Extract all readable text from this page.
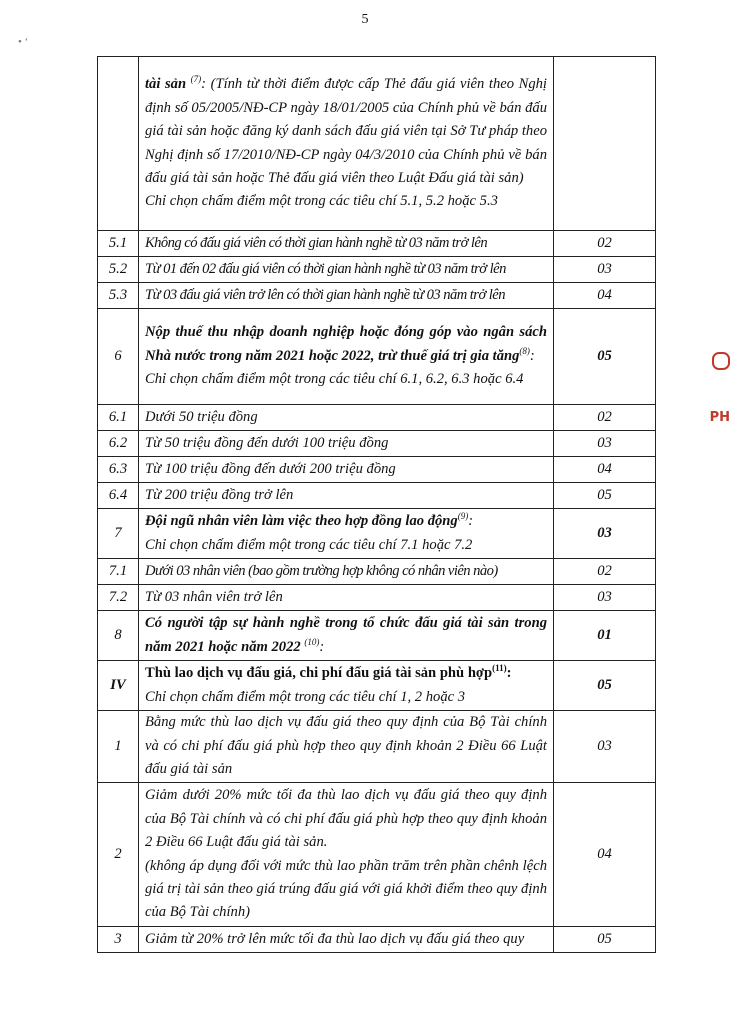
5
• ‘
PH
	tài sản $^{(7)}$: (Tính từ thời điểm được cấp Thẻ đấu giá viên theo Nghị định số 05/2005/NĐ-CP ngày 18/01/2005 của Chính phủ về bán đấu giá tài sản hoặc đăng ký danh sách đấu giá viên tại Sở Tư pháp theo Nghị định số 17/2010/NĐ-CP ngày 04/3/2010 của Chính phủ về bán đấu giá tài sản hoặc Thẻ đấu giá viên theo Luật Đấu giá tài sản)
Chỉ chọn chấm điểm một trong các tiêu chí 5.1, 5.2 hoặc 5.3	

5.1	Không có đấu giá viên có thời gian hành nghề từ 03 năm trở lên	02
5.2	Từ 01 đến 02 đấu giá viên có thời gian hành nghề từ 03 năm trở lên	03
5.3	Từ 03 đấu giá viên trở lên có thời gian hành nghề từ 03 năm trở lên	04
6	Nộp thuế thu nhập doanh nghiệp hoặc đóng góp vào ngân sách Nhà nước trong năm 2021 hoặc 2022, trừ thuế giá trị gia tăng$^{(8)}$:
Chỉ chọn chấm điểm một trong các tiêu chí 6.1, 6.2, 6.3 hoặc 6.4	05
6.1	Dưới 50 triệu đồng	02
6.2	Từ 50 triệu đồng đến dưới 100 triệu đồng	03
6.3	Từ 100 triệu đồng đến dưới 200 triệu đồng	04
6.4	Từ 200 triệu đồng trở lên	05
7	Đội ngũ nhân viên làm việc theo hợp đồng lao động$^{(9)}$:
Chỉ chọn chấm điểm một trong các tiêu chí 7.1 hoặc 7.2	03
7.1	Dưới 03 nhân viên (bao gồm trường hợp không có nhân viên nào)	02
7.2	Từ 03 nhân viên trở lên	03
8	Có người tập sự hành nghề trong tổ chức đấu giá tài sản trong năm 2021 hoặc năm 2022 $^{(10)}$:	01
IV	Thù lao dịch vụ đấu giá, chi phí đấu giá tài sản phù hợp$^{(11)}$:
Chỉ chọn chấm điểm một trong các tiêu chí 1, 2 hoặc 3	05
1	Bằng mức thù lao dịch vụ đấu giá theo quy định của Bộ Tài chính và có chi phí đấu giá phù hợp theo quy định khoản 2 Điều 66 Luật đấu giá tài sản	03
2	Giảm dưới 20% mức tối đa thù lao dịch vụ đấu giá theo quy định của Bộ Tài chính và có chi phí đấu giá phù hợp theo quy định khoản 2 Điều 66 Luật đấu giá tài sản.
(không áp dụng đối với mức thù lao phần trăm trên phần chênh lệch giá trị tài sản theo giá trúng đấu giá với giá khởi điểm theo quy định của Bộ Tài chính)	04
3	Giảm từ 20% trở lên mức tối đa thù lao dịch vụ đấu giá theo quy	05
